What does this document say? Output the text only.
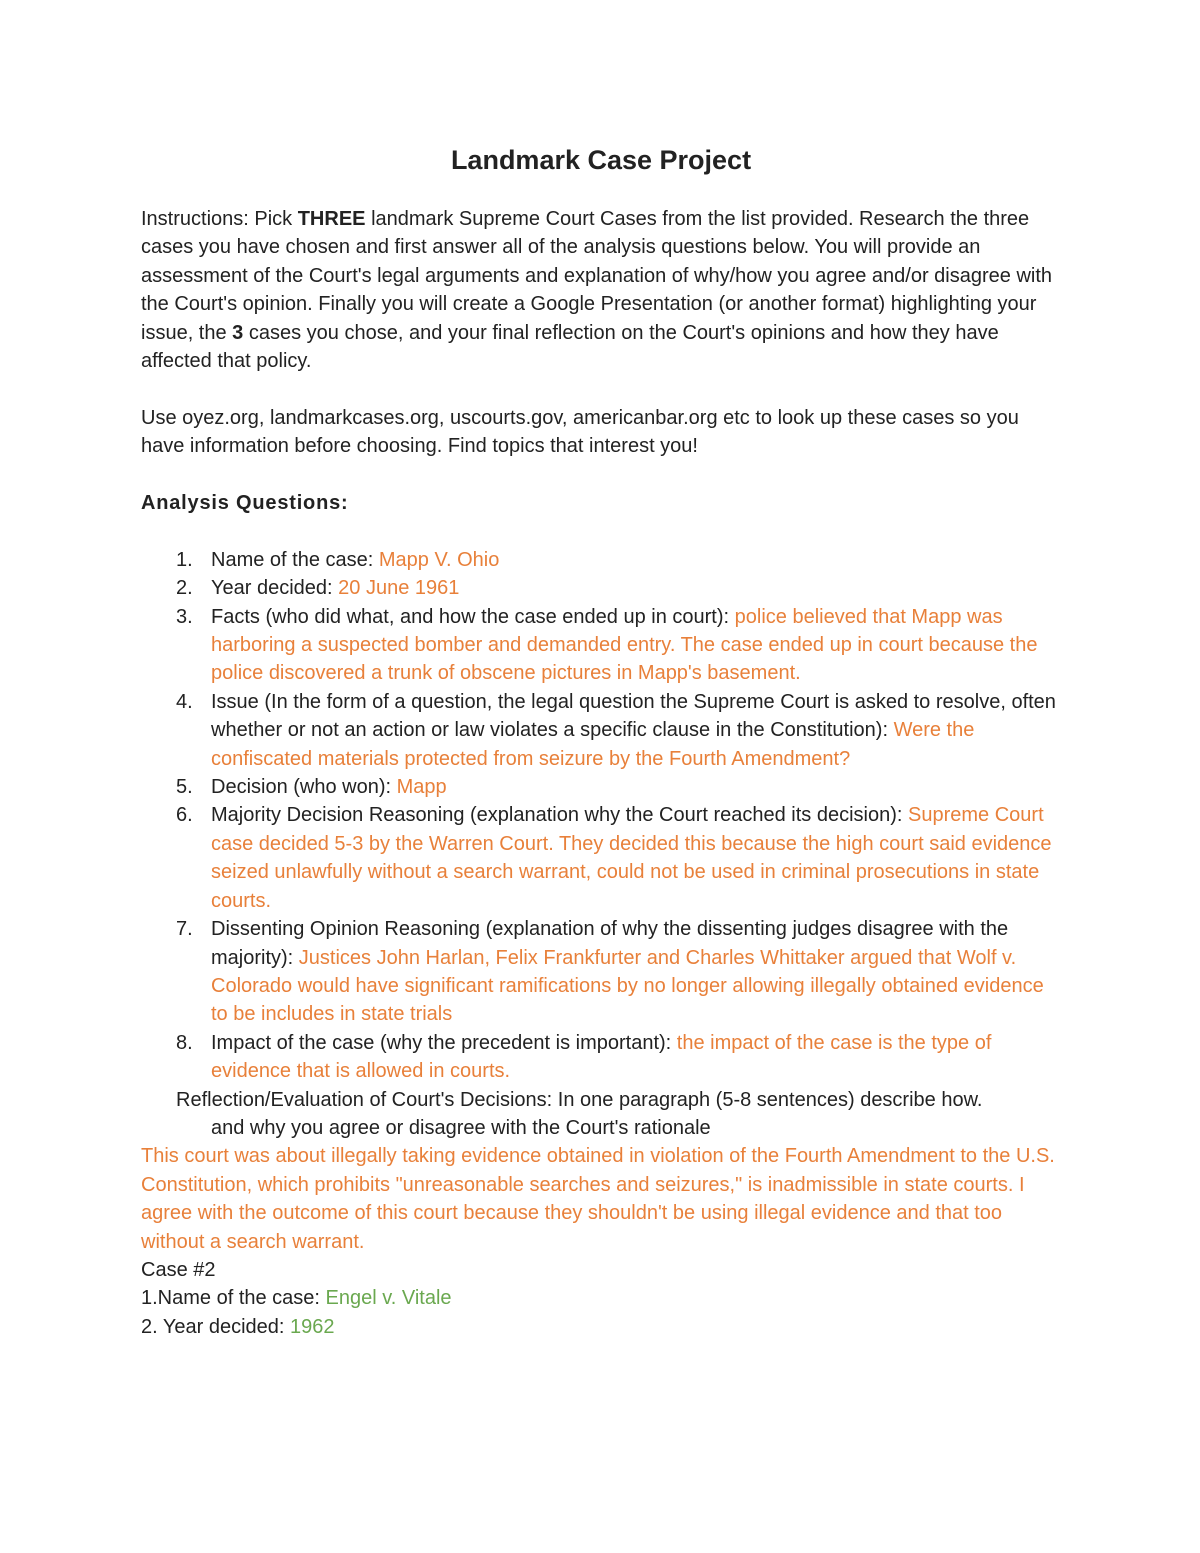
Landmark Case Project

Instructions: Pick THREE landmark Supreme Court Cases from the list provided. Research the three cases you have chosen and first answer all of the analysis questions below. You will provide an assessment of the Court's legal arguments and explanation of why/how you agree and/or disagree with the Court's opinion. Finally you will create a Google Presentation (or another format) highlighting your issue, the 3 cases you chose, and your final reflection on the Court's opinions and how they have affected that policy.

Use oyez.org, landmarkcases.org, uscourts.gov, americanbar.org etc to look up these cases so you have information before choosing. Find topics that interest you!

Analysis Questions:

1. Name of the case: Mapp V. Ohio
2. Year decided: 20 June 1961
3. Facts (who did what, and how the case ended up in court): police believed that Mapp was harboring a suspected bomber and demanded entry. The case ended up in court because the police discovered a trunk of obscene pictures in Mapp's basement.
4. Issue (In the form of a question, the legal question the Supreme Court is asked to resolve, often whether or not an action or law violates a specific clause in the Constitution): Were the confiscated materials protected from seizure by the Fourth Amendment?
5. Decision (who won): Mapp
6. Majority Decision Reasoning (explanation why the Court reached its decision): Supreme Court case decided 5-3 by the Warren Court. They decided this because the high court said evidence seized unlawfully without a search warrant, could not be used in criminal prosecutions in state courts.
7. Dissenting Opinion Reasoning (explanation of why the dissenting judges disagree with the majority): Justices John Harlan, Felix Frankfurter and Charles Whittaker argued that Wolf v. Colorado would have significant ramifications by no longer allowing illegally obtained evidence to be includes in state trials
8. Impact of the case (why the precedent is important): the impact of the case is the type of evidence that is allowed in courts.

Reflection/Evaluation of Court's Decisions: In one paragraph (5-8 sentences) describe how.

and why you agree or disagree with the Court's rationale

This court was about illegally taking evidence obtained in violation of the Fourth Amendment to the U.S. Constitution, which prohibits "unreasonable searches and seizures," is inadmissible in state courts. I agree with the outcome of this court because they shouldn't be using illegal evidence and that too without a search warrant.

Case #2

1.Name of the case: Engel v. Vitale

2. Year decided: 1962
